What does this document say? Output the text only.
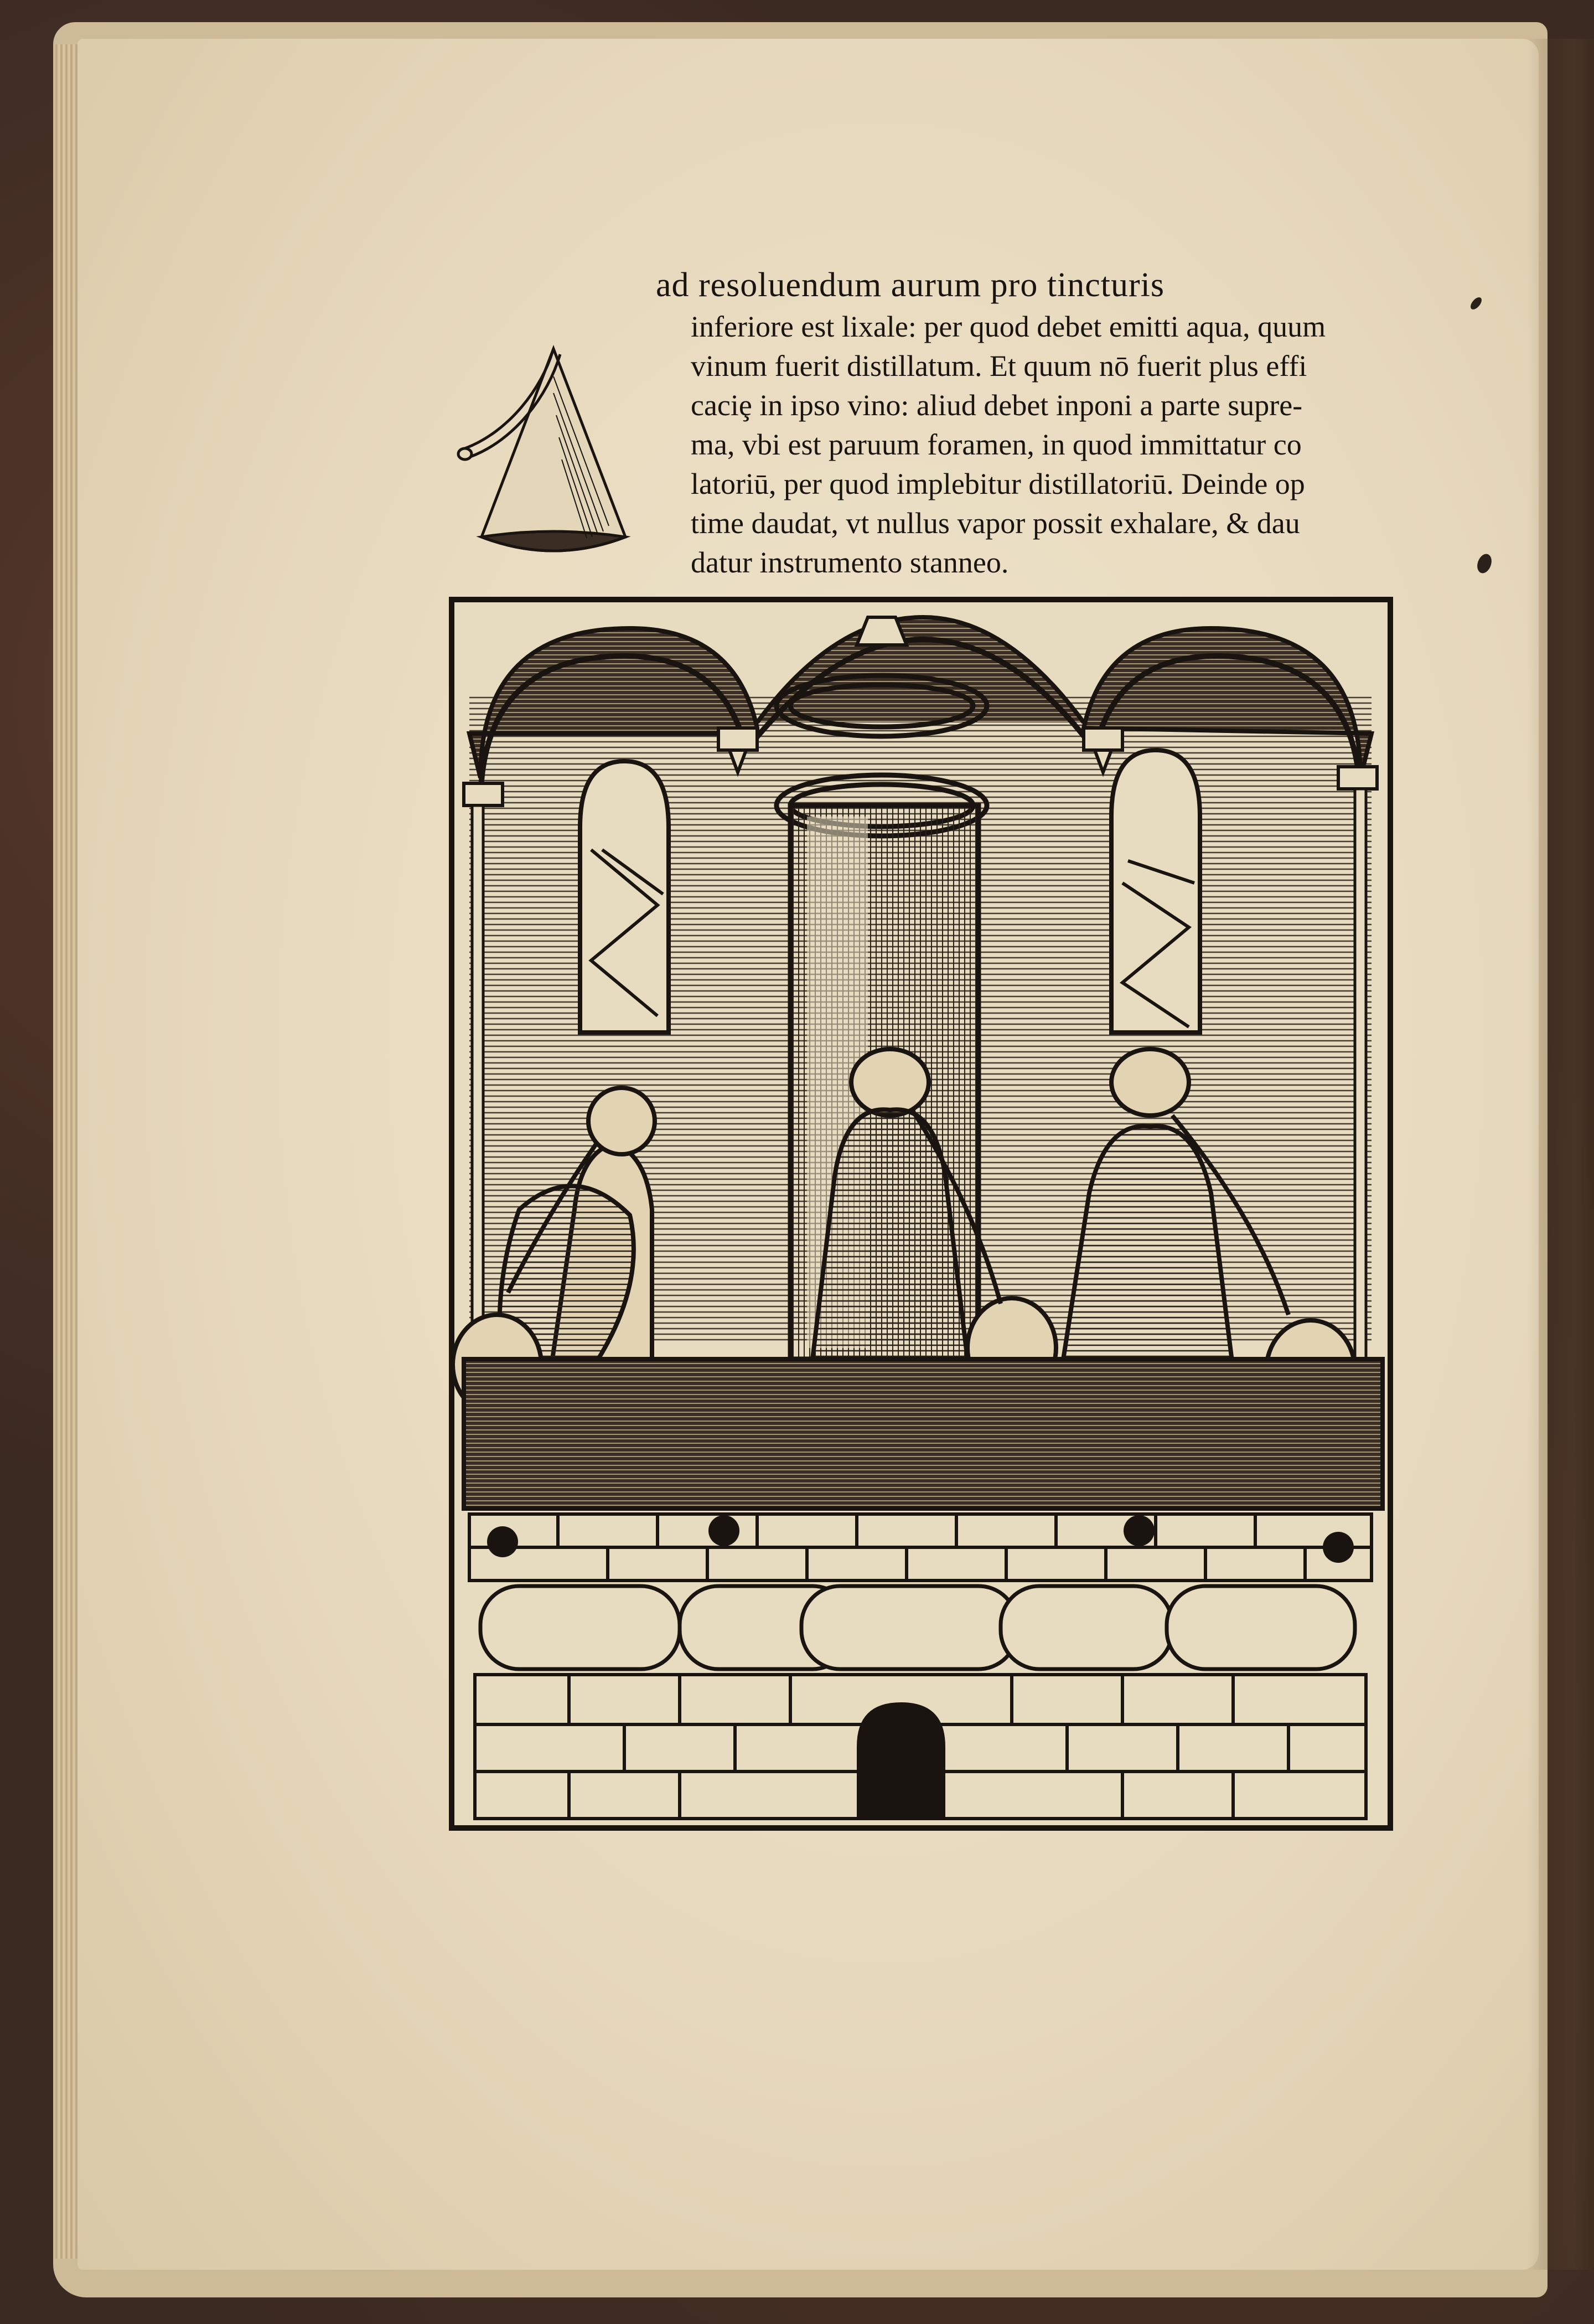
ad resoluendum aurum pro tincturis
inferiore est lixale: per quod debet emitti aqua, quum
vinum fuerit distillatum. Et quum nō fuerit plus effi
caciȩ in ipso vino: aliud debet inponi a parte supre-
ma, vbi est paruum foramen, in quod immittatur co
latoriū, per quod implebitur distillatoriū. Deinde op
time daudat, vt nullus vapor possit exhalare, & dau
datur instrumento stanneo.
